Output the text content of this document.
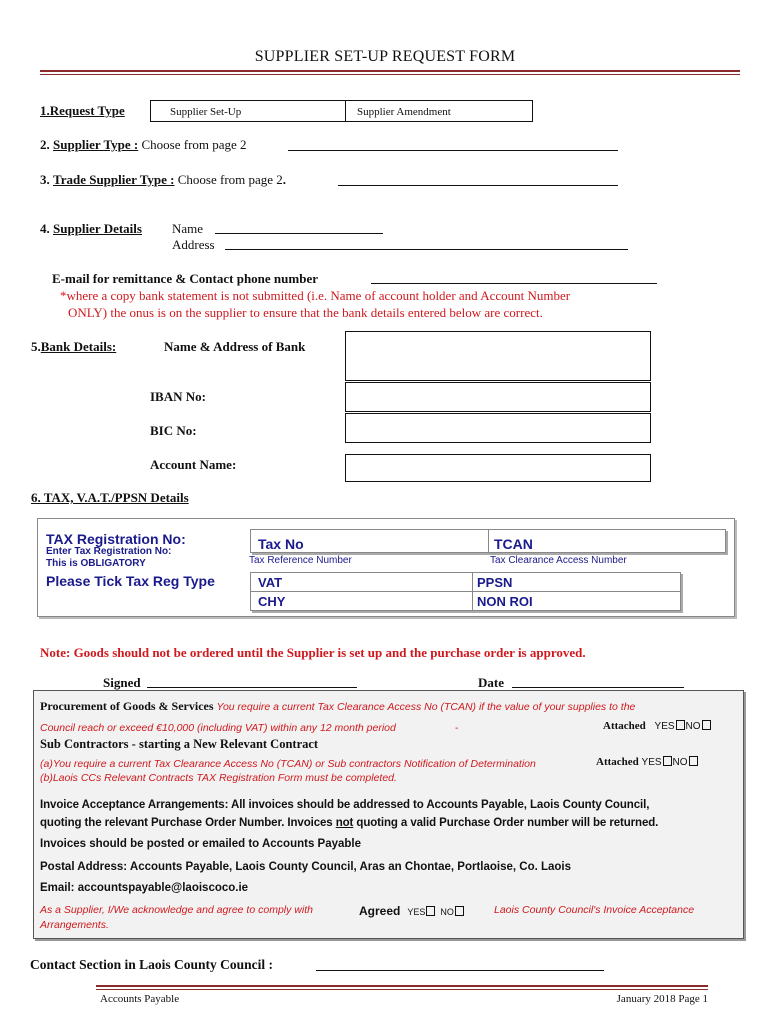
SUPPLIER SET-UP REQUEST FORM
1.Request Type	Supplier Set-Up	Supplier Amendment
2. Supplier Type : Choose from page 2
3. Trade Supplier Type : Choose from page 2.
4. Supplier Details Name
Address
E-mail for remittance & Contact phone number
*where a copy bank statement is not submitted (i.e. Name of account holder and Account Number
ONLY) the onus is on the supplier to ensure that the bank details entered below are correct.
5.Bank Details:	Name & Address of Bank
IBAN No:
BIC No:
Account Name:
6. TAX, V.A.T./PPSN Details
TAX Registration No:
Enter Tax Registration No:
This is OBLIGATORY
Please Tick Tax Reg Type
Tax No	TCAN
Tax Reference Number	Tax Clearance Access Number
VAT	PPSN
CHY	NON ROI
Note: Goods should not be ordered until the Supplier is set up and the purchase order is approved.
Signed	Date
Procurement of Goods & Services You require a current Tax Clearance Access No (TCAN) if the value of your supplies to the
Council reach or exceed €10,000 (including VAT) within any 12 month period	-	Attached YES NO
Sub Contractors - starting a New Relevant Contract
(a)You require a current Tax Clearance Access No (TCAN) or Sub contractors Notification of Determination	Attached YES NO
(b)Laois CCs Relevant Contracts TAX Registration Form must be completed.
Invoice Acceptance Arrangements: All invoices should be addressed to Accounts Payable, Laois County Council,
quoting the relevant Purchase Order Number. Invoices not quoting a valid Purchase Order number will be returned.
Invoices should be posted or emailed to Accounts Payable
Postal Address: Accounts Payable, Laois County Council, Aras an Chontae, Portlaoise, Co. Laois
Email: accountspayable@laoiscoco.ie
As a Supplier, I/We acknowledge and agree to comply with
Arrangements.
Agreed YES NO	Laois County Council's Invoice Acceptance
Contact Section in Laois County Council :
Accounts Payable	January 2018 Page 1
